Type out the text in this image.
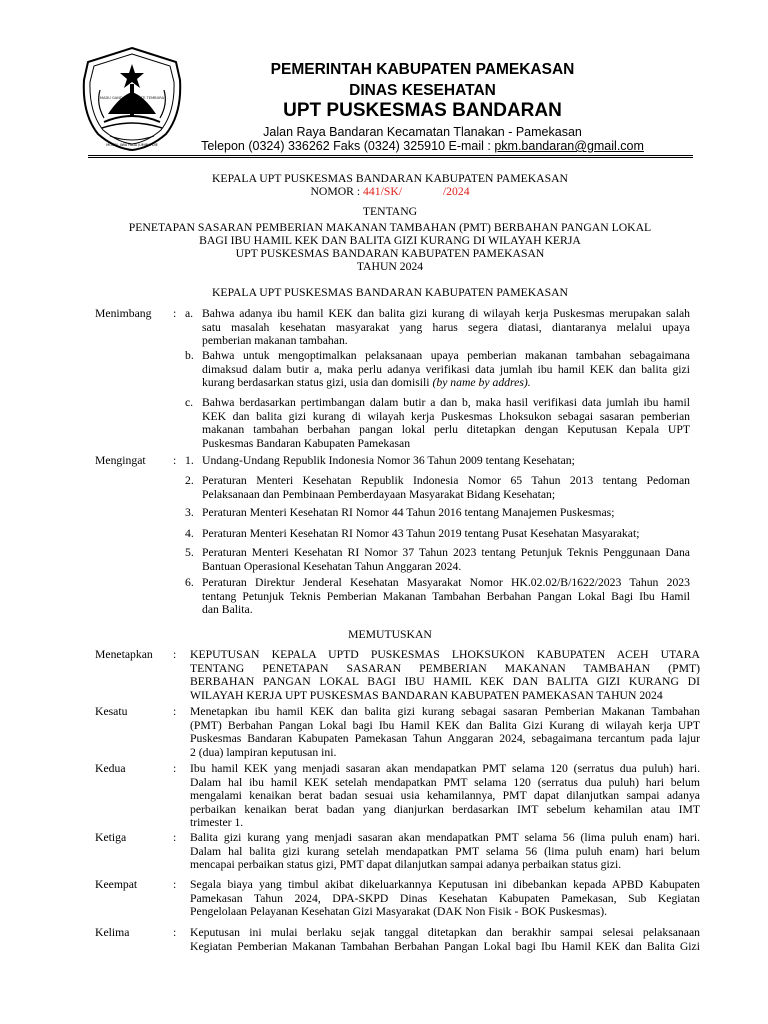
MADU GANDA MANGGATI TEMBURA
MOSOL JIWA PADA JUMING DIE
PEMERINTAH KABUPATEN PAMEKASAN
DINAS KESEHATAN
UPT PUSKESMAS BANDARAN
Jalan Raya Bandaran Kecamatan Tlanakan - Pamekasan
Telepon (0324) 336262 Faks (0324) 325910 E-mail : pkm.bandaran@gmail.com
KEPALA UPT PUSKESMAS BANDARAN KABUPATEN PAMEKASAN
NOMOR : 441/SK/              /2024
TENTANG
PENETAPAN SASARAN PEMBERIAN MAKANAN TAMBAHAN (PMT) BERBAHAN PANGAN LOKAL
BAGI IBU HAMIL KEK DAN BALITA GIZI KURANG DI WILAYAH KERJA
UPT PUSKESMAS BANDARAN KABUPATEN PAMEKASAN
TAHUN 2024
KEPALA UPT PUSKESMAS BANDARAN KABUPATEN PAMEKASAN
Menimbang : a. Bahwa adanya ibu hamil KEK dan balita gizi kurang di wilayah kerja Puskesmas merupakan salah
satu masalah kesehatan masyarakat yang harus segera diatasi, diantaranya melalui upaya
pemberian makanan tambahan.
b. Bahwa untuk mengoptimalkan pelaksanaan upaya pemberian makanan tambahan sebagaimana
dimaksud dalam butir a, maka perlu adanya verifikasi data jumlah ibu hamil KEK dan balita gizi
kurang berdasarkan status gizi, usia dan domisili (by name by addres).
c. Bahwa berdasarkan pertimbangan dalam butir a dan b, maka hasil verifikasi data jumlah ibu hamil
KEK dan balita gizi kurang di wilayah kerja Puskesmas Lhoksukon sebagai sasaran pemberian
makanan tambahan berbahan pangan lokal perlu ditetapkan dengan Keputusan Kepala UPT
Puskesmas Bandaran Kabupaten Pamekasan
Mengingat : 1. Undang-Undang Republik Indonesia Nomor 36 Tahun 2009 tentang Kesehatan;
2. Peraturan Menteri Kesehatan Republik Indonesia Nomor 65 Tahun 2013 tentang Pedoman
Pelaksanaan dan Pembinaan Pemberdayaan Masyarakat Bidang Kesehatan;
3. Peraturan Menteri Kesehatan RI Nomor 44 Tahun 2016 tentang Manajemen Puskesmas;
4. Peraturan Menteri Kesehatan RI Nomor 43 Tahun 2019 tentang Pusat Kesehatan Masyarakat;
5. Peraturan Menteri Kesehatan RI Nomor 37 Tahun 2023 tentang Petunjuk Teknis Penggunaan Dana
Bantuan Operasional Kesehatan Tahun Anggaran 2024.
6. Peraturan Direktur Jenderal Kesehatan Masyarakat Nomor HK.02.02/B/1622/2023 Tahun 2023
tentang Petunjuk Teknis Pemberian Makanan Tambahan Berbahan Pangan Lokal Bagi Ibu Hamil
dan Balita.
MEMUTUSKAN
Menetapkan : KEPUTUSAN KEPALA UPTD PUSKESMAS LHOKSUKON KABUPATEN ACEH UTARA
TENTANG PENETAPAN SASARAN PEMBERIAN MAKANAN TAMBAHAN (PMT)
BERBAHAN PANGAN LOKAL BAGI IBU HAMIL KEK DAN BALITA GIZI KURANG DI
WILAYAH KERJA UPT PUSKESMAS BANDARAN KABUPATEN PAMEKASAN TAHUN 2024
Kesatu	: Menetapkan ibu hamil KEK dan balita gizi kurang sebagai sasaran Pemberian Makanan Tambahan
(PMT) Berbahan Pangan Lokal bagi Ibu Hamil KEK dan Balita Gizi Kurang di wilayah kerja UPT
Puskesmas Bandaran Kabupaten Pamekasan Tahun Anggaran 2024, sebagaimana tercantum pada lajur
2 (dua) lampiran keputusan ini.
Kedua	: Ibu hamil KEK yang menjadi sasaran akan mendapatkan PMT selama 120 (serratus dua puluh) hari.
Dalam hal ibu hamil KEK setelah mendapatkan PMT selama 120 (serratus dua puluh) hari belum
mengalami kenaikan berat badan sesuai usia kehamilannya, PMT dapat dilanjutkan sampai adanya
perbaikan kenaikan berat badan yang dianjurkan berdasarkan IMT sebelum kehamilan atau IMT
trimester 1.
Ketiga	: Balita gizi kurang yang menjadi sasaran akan mendapatkan PMT selama 56 (lima puluh enam) hari.
Dalam hal balita gizi kurang setelah mendapatkan PMT selama 56 (lima puluh enam) hari belum
mencapai perbaikan status gizi, PMT dapat dilanjutkan sampai adanya perbaikan status gizi.
Keempat	: Segala biaya yang timbul akibat dikeluarkannya Keputusan ini dibebankan kepada APBD Kabupaten
Pamekasan Tahun 2024, DPA-SKPD Dinas Kesehatan Kabupaten Pamekasan, Sub Kegiatan
Pengelolaan Pelayanan Kesehatan Gizi Masyarakat (DAK Non Fisik - BOK Puskesmas).
Kelima	: Keputusan ini mulai berlaku sejak tanggal ditetapkan dan berakhir sampai selesai pelaksanaan
Kegiatan Pemberian Makanan Tambahan Berbahan Pangan Lokal bagi Ibu Hamil KEK dan Balita Gizi
